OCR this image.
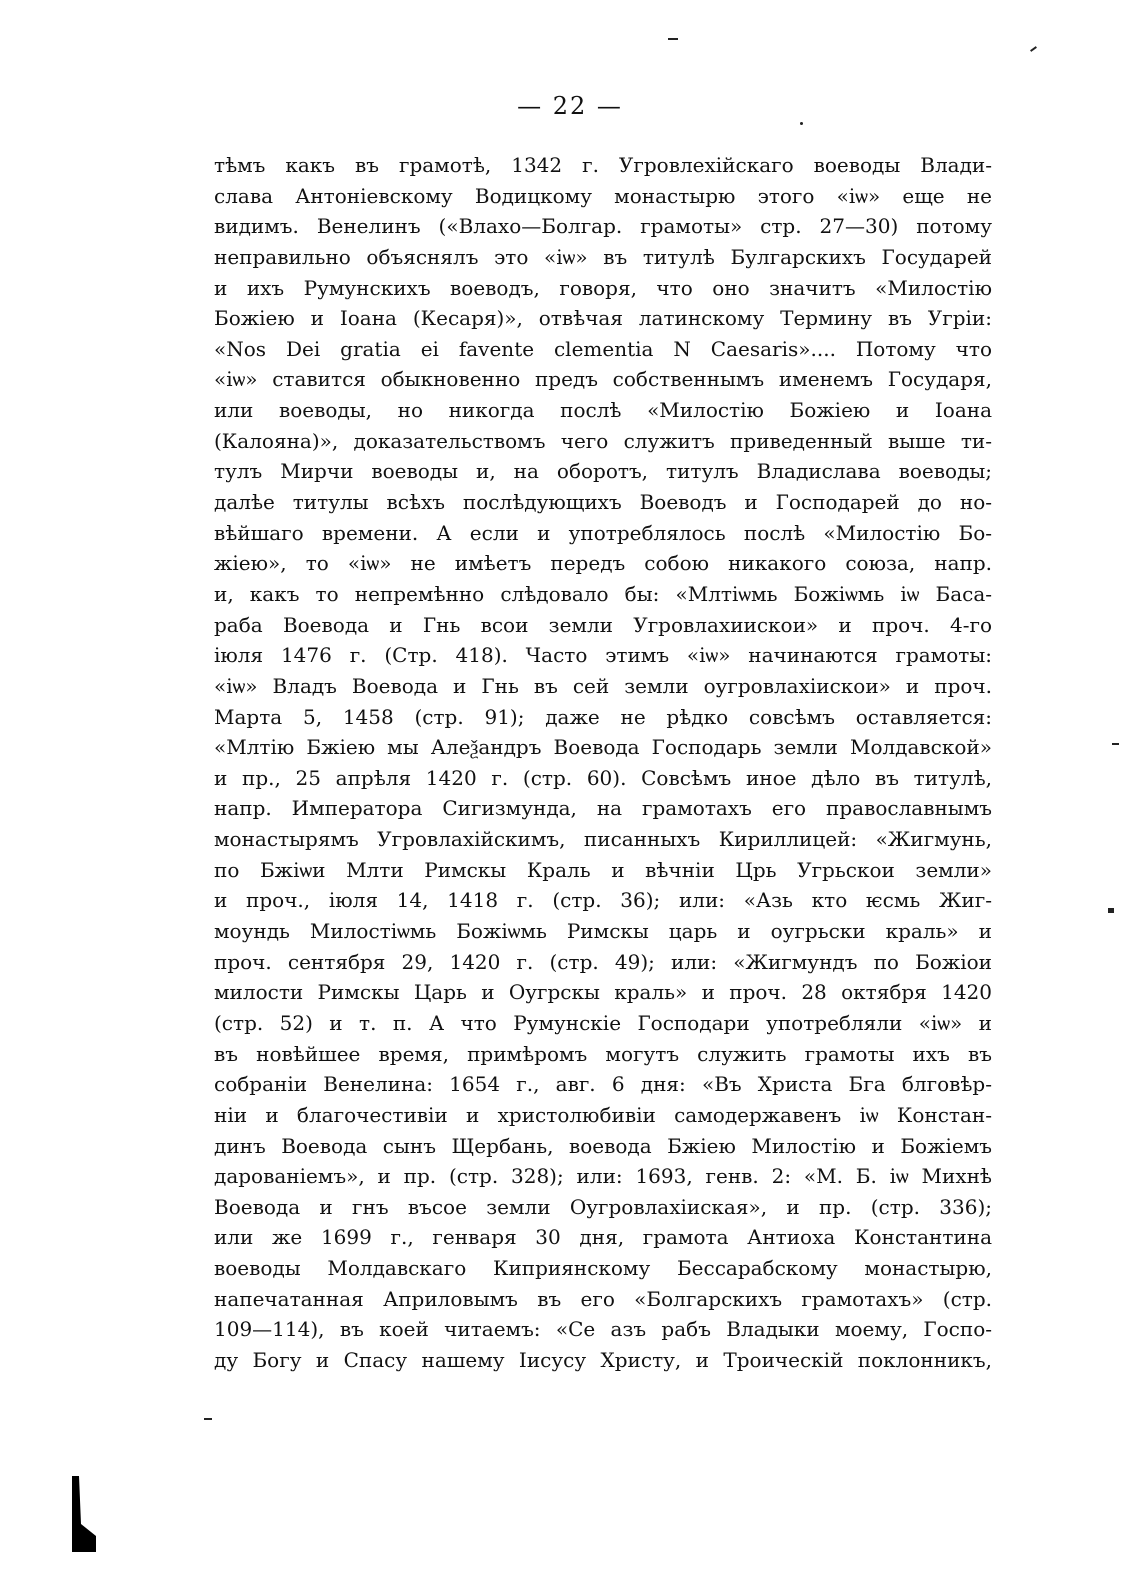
— 22 —
тѣмъ какъ въ грамотѣ, 1342 г. Угровлехійскаго воеводы Влади-
слава Антоніевскому Водицкому монастырю этого «іѡ» еще не
видимъ. Венелинъ («Влахо—Болгар. грамоты» стр. 27—30) потому
неправильно объяснялъ это «іѡ» въ титулѣ Булгарскихъ Государей
и ихъ Румунскихъ воеводъ, говоря, что оно значитъ «Милостію
Божіею и Іоана (Кесаря)», отвѣчая латинскому Термину въ Угріи:
«Nos Dei gratia ei favente clementia N Caesaris».... Потому что
«іѡ» ставится обыкновенно предъ собственнымъ именемъ Государя,
или воеводы, но никогда послѣ «Милостію Божіею и Іоана
(Калояна)», доказательствомъ чего служитъ приведенный выше ти-
тулъ Мирчи воеводы и, на оборотъ, титулъ Владислава воеводы;
далѣе титулы всѣхъ послѣдующихъ Воеводъ и Господарей до но-
вѣйшаго времени. А если и употреблялось послѣ «Милостію Бо-
жіею», то «іѡ» не имѣетъ передъ собою никакого союза, напр.
и, какъ то непремѣнно слѣдовало бы: «Млтіѡмь Божіѡмь іѡ Баса-
раба Воевода и Гнь всои земли Угровлахиискои» и проч. 4-го
іюля 1476 г. (Стр. 418). Часто этимъ «іѡ» начинаются грамоты:
«іѡ» Владъ Воевода и Гнь въ сей земли оугровлахіискои» и проч.
Марта 5, 1458 (стр. 91); даже не рѣдко совсѣмъ оставляется:
«Млтію Бжіею мы Алеѯандръ Воевода Господарь земли Молдавской»
и пр., 25 апрѣля 1420 г. (стр. 60). Совсѣмъ иное дѣло въ титулѣ,
напр. Императора Сигизмунда, на грамотахъ его православнымъ
монастырямъ Угровлахійскимъ, писанныхъ Кириллицей: «Жигмунь,
по Бжіѡи Млти Римскы Краль и вѣчніи Црь Угрьскои земли»
и проч., іюля 14, 1418 г. (стр. 36); или: «Азь кто ѥсмь Жиг-
моундь Милостіѡмь Божіѡмь Римскы царь и оугрьски краль» и
проч. сентября 29, 1420 г. (стр. 49); или: «Жигмундъ по Божіои
милости Римскы Царь и Оугрскы краль» и проч. 28 октября 1420
(стр. 52) и т. п. А что Румунскіе Господари употребляли «іѡ» и
въ новѣйшее время, примѣромъ могутъ служить грамоты ихъ въ
собраніи Венелина: 1654 г., авг. 6 дня: «Въ Христа Бга блговѣр-
ніи и благочестивіи и христолюбивіи самодержавенъ іѡ Констан-
динъ Воевода сынъ Щербань, воевода Бжіею Милостію и Божіемъ
дарованіемъ», и пр. (стр. 328); или: 1693, генв. 2: «М. Б. іѡ Михнѣ
Воевода и гнъ въсое земли Оугровлахіиская», и пр. (стр. 336);
или же 1699 г., генваря 30 дня, грамота Антиоха Константина
воеводы Молдавскаго Киприянскому Бессарабскому монастырю,
напечатанная Априловымъ въ его «Болгарскихъ грамотахъ» (стр.
109—114), въ коей читаемъ: «Се азъ рабъ Владыки моему, Госпо-
ду Богу и Спасу нашему Іисусу Христу, и Троическій поклонникъ,
